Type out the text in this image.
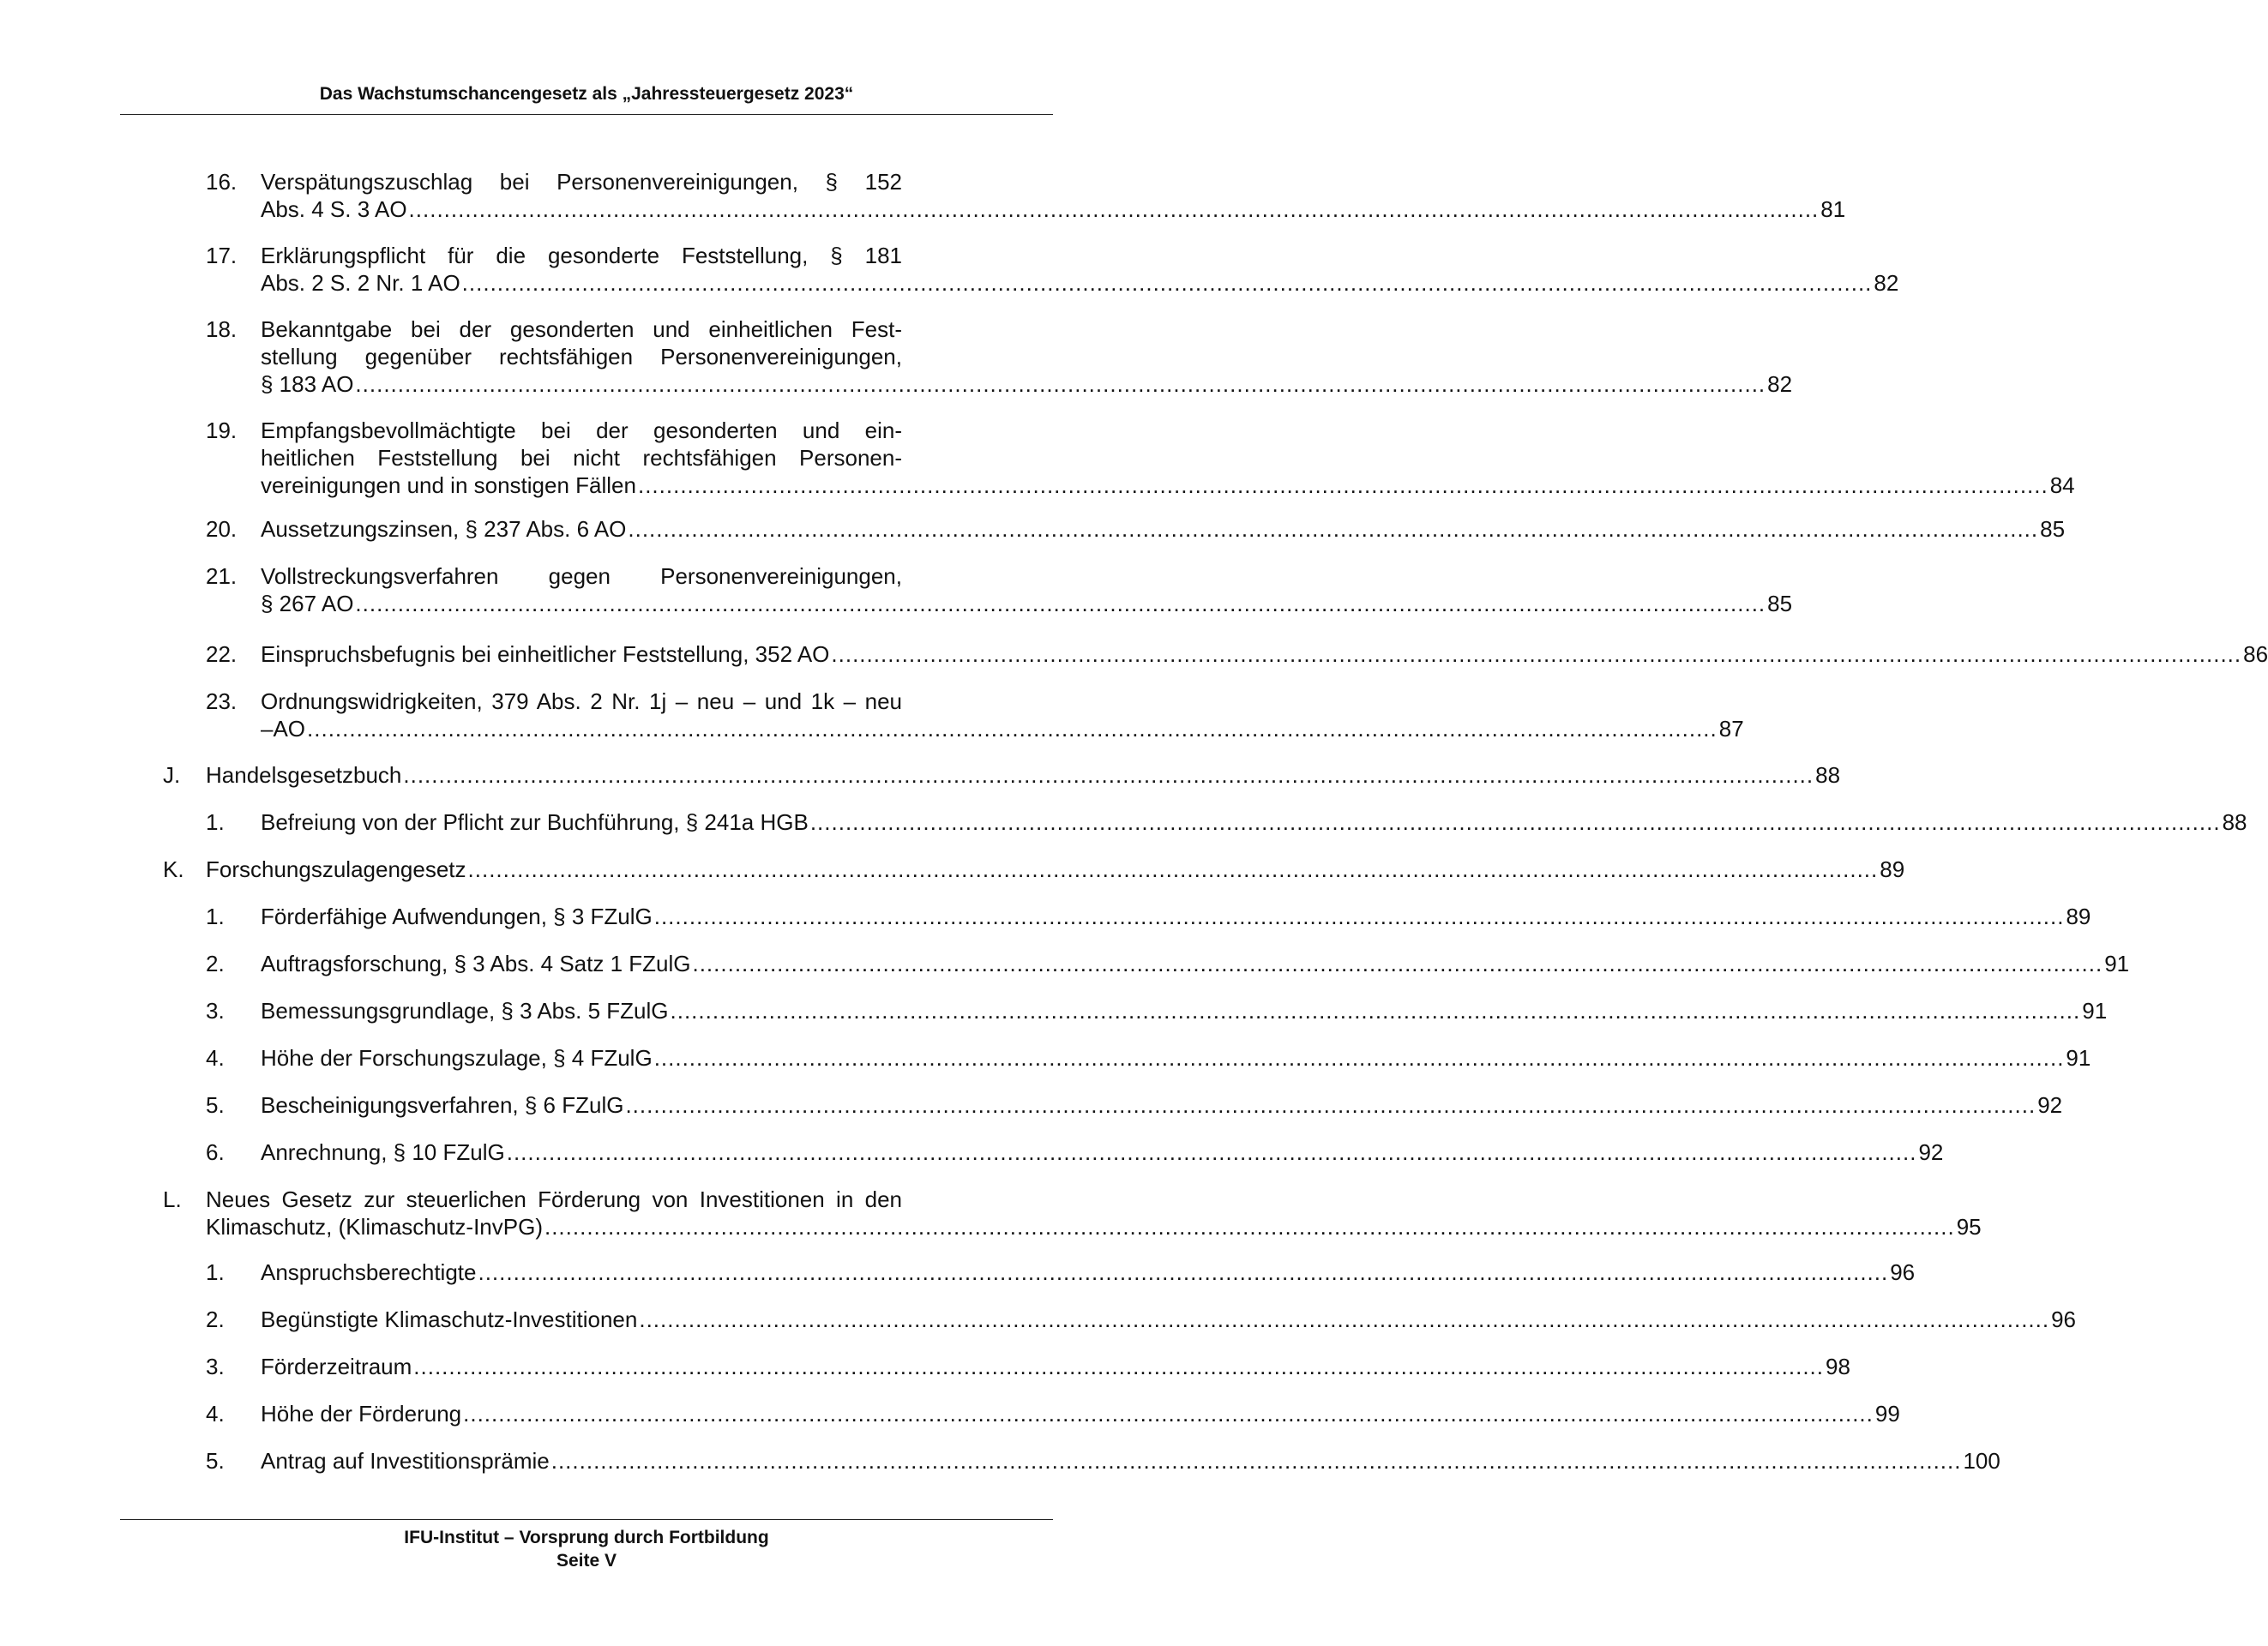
Das Wachstumschancengesetz als „Jahressteuergesetz 2023“
16. Verspätungszuschlag bei Personenvereinigungen, § 152
Abs. 4 S. 3 AO ........................................................................................................................................................................................................ 81
17. Erklärungspflicht für die gesonderte Feststellung, § 181
Abs. 2 S. 2 Nr. 1 AO ........................................................................................................................................................................................................ 82
18. Bekanntgabe bei der gesonderten und einheitlichen Fest-
stellung gegenüber rechtsfähigen Personenvereinigungen,
§ 183 AO ........................................................................................................................................................................................................ 82
19. Empfangsbevollmächtigte bei der gesonderten und ein-
heitlichen Feststellung bei nicht rechtsfähigen Personen-
vereinigungen und in sonstigen Fällen ........................................................................................................................................................................................................ 84
20. Aussetzungszinsen, § 237 Abs. 6 AO ........................................................................................................................................................................................................ 85
21. Vollstreckungsverfahren gegen Personenvereinigungen,
§ 267 AO ........................................................................................................................................................................................................ 85
22. Einspruchsbefugnis bei einheitlicher Feststellung, 352 AO ........................................................................................................................................................................................................ 86
23. Ordnungswidrigkeiten, 379 Abs. 2 Nr. 1j – neu – und 1k – neu
–AO ........................................................................................................................................................................................................ 87
J. Handelsgesetzbuch ........................................................................................................................................................................................................ 88
1. Befreiung von der Pflicht zur Buchführung, § 241a HGB ........................................................................................................................................................................................................ 88
K. Forschungszulagengesetz ........................................................................................................................................................................................................ 89
1. Förderfähige Aufwendungen, § 3 FZulG ........................................................................................................................................................................................................ 89
2. Auftragsforschung, § 3 Abs. 4 Satz 1 FZulG ........................................................................................................................................................................................................ 91
3. Bemessungsgrundlage, § 3 Abs. 5 FZulG ........................................................................................................................................................................................................ 91
4. Höhe der Forschungszulage, § 4 FZulG ........................................................................................................................................................................................................ 91
5. Bescheinigungsverfahren, § 6 FZulG ........................................................................................................................................................................................................ 92
6. Anrechnung, § 10 FZulG ........................................................................................................................................................................................................ 92
L. Neues Gesetz zur steuerlichen Förderung von Investitionen in den
Klimaschutz, (Klimaschutz-InvPG) ........................................................................................................................................................................................................ 95
1. Anspruchsberechtigte ........................................................................................................................................................................................................ 96
2. Begünstigte Klimaschutz-Investitionen ........................................................................................................................................................................................................ 96
3. Förderzeitraum ........................................................................................................................................................................................................ 98
4. Höhe der Förderung ........................................................................................................................................................................................................ 99
5. Antrag auf Investitionsprämie ........................................................................................................................................................................................................ 100
IFU-Institut – Vorsprung durch Fortbildung
Seite V
